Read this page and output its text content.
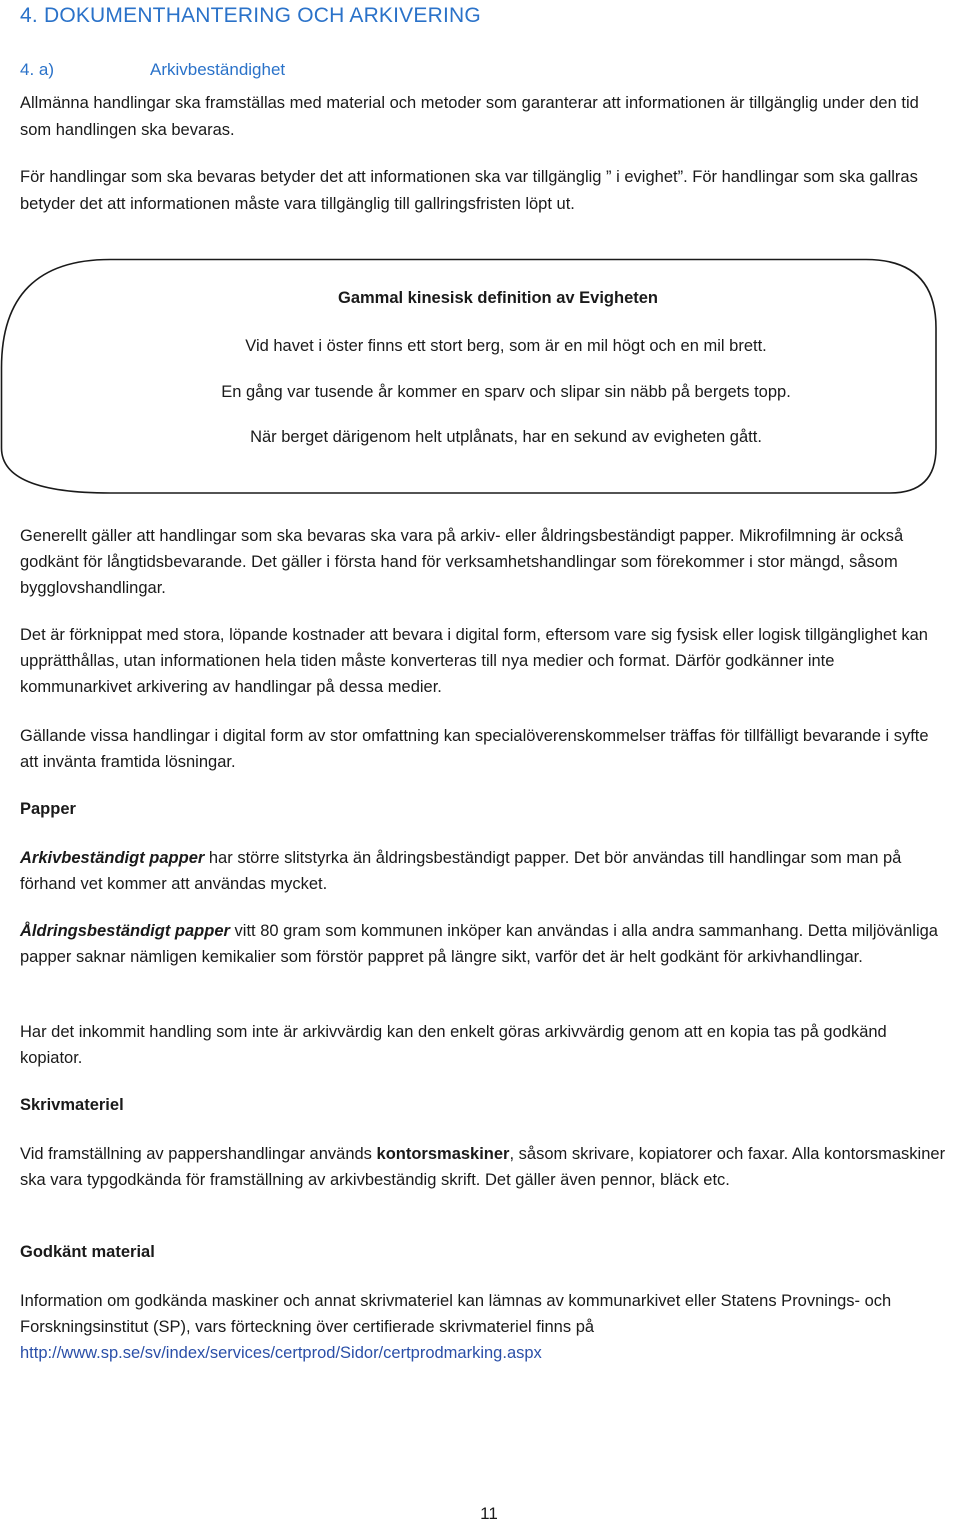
4. DOKUMENTHANTERING OCH ARKIVERING
4. a)	Arkivbeständighet
Allmänna handlingar ska framställas med material och metoder som garanterar att informationen är tillgänglig under den tid som handlingen ska bevaras.
För handlingar som ska bevaras betyder det att informationen ska var tillgänglig ” i evighet”. För handlingar som ska gallras betyder det att informationen måste vara tillgänglig till gallringsfristen löpt ut.
Gammal kinesisk definition av Evigheten
Vid havet i öster finns ett stort berg, som är en mil högt och en mil brett.
En gång var tusende år kommer en sparv och slipar sin näbb på bergets topp.
När berget därigenom helt utplånats, har en sekund av evigheten gått.
Generellt gäller att handlingar som ska bevaras ska vara på arkiv- eller åldringsbeständigt papper. Mikrofilmning är också godkänt för långtidsbevarande. Det gäller i första hand för verksamhetshandlingar som förekommer i stor mängd, såsom bygglovshandlingar.
Det är förknippat med stora, löpande kostnader att bevara i digital form, eftersom vare sig fysisk eller logisk tillgänglighet kan upprätthållas, utan informationen hela tiden måste konverteras till nya medier och format. Därför godkänner inte kommunarkivet arkivering av handlingar på dessa medier.
Gällande vissa handlingar i digital form av stor omfattning kan specialöverenskommelser träffas för tillfälligt bevarande i syfte att invänta framtida lösningar.
Papper
Arkivbeständigt papper har större slitstyrka än åldringsbeständigt papper. Det bör användas till handlingar som man på förhand vet kommer att användas mycket.
Åldringsbeständigt papper vitt 80 gram som kommunen inköper kan användas i alla andra sammanhang. Detta miljövänliga papper saknar nämligen kemikalier som förstör pappret på längre sikt, varför det är helt godkänt för arkivhandlingar.
Har det inkommit handling som inte är arkivvärdig kan den enkelt göras arkivvärdig genom att en kopia tas på godkänd kopiator.
Skrivmateriel
Vid framställning av pappershandlingar används kontorsmaskiner, såsom skrivare, kopiatorer och faxar. Alla kontorsmaskiner ska vara typgodkända för framställning av arkivbeständig skrift. Det gäller även pennor, bläck etc.
Godkänt material
Information om godkända maskiner och annat skrivmateriel kan lämnas av kommunarkivet eller Statens Provnings- och Forskningsinstitut (SP), vars förteckning över certifierade skrivmateriel finns på
http://www.sp.se/sv/index/services/certprod/Sidor/certprodmarking.aspx
11
